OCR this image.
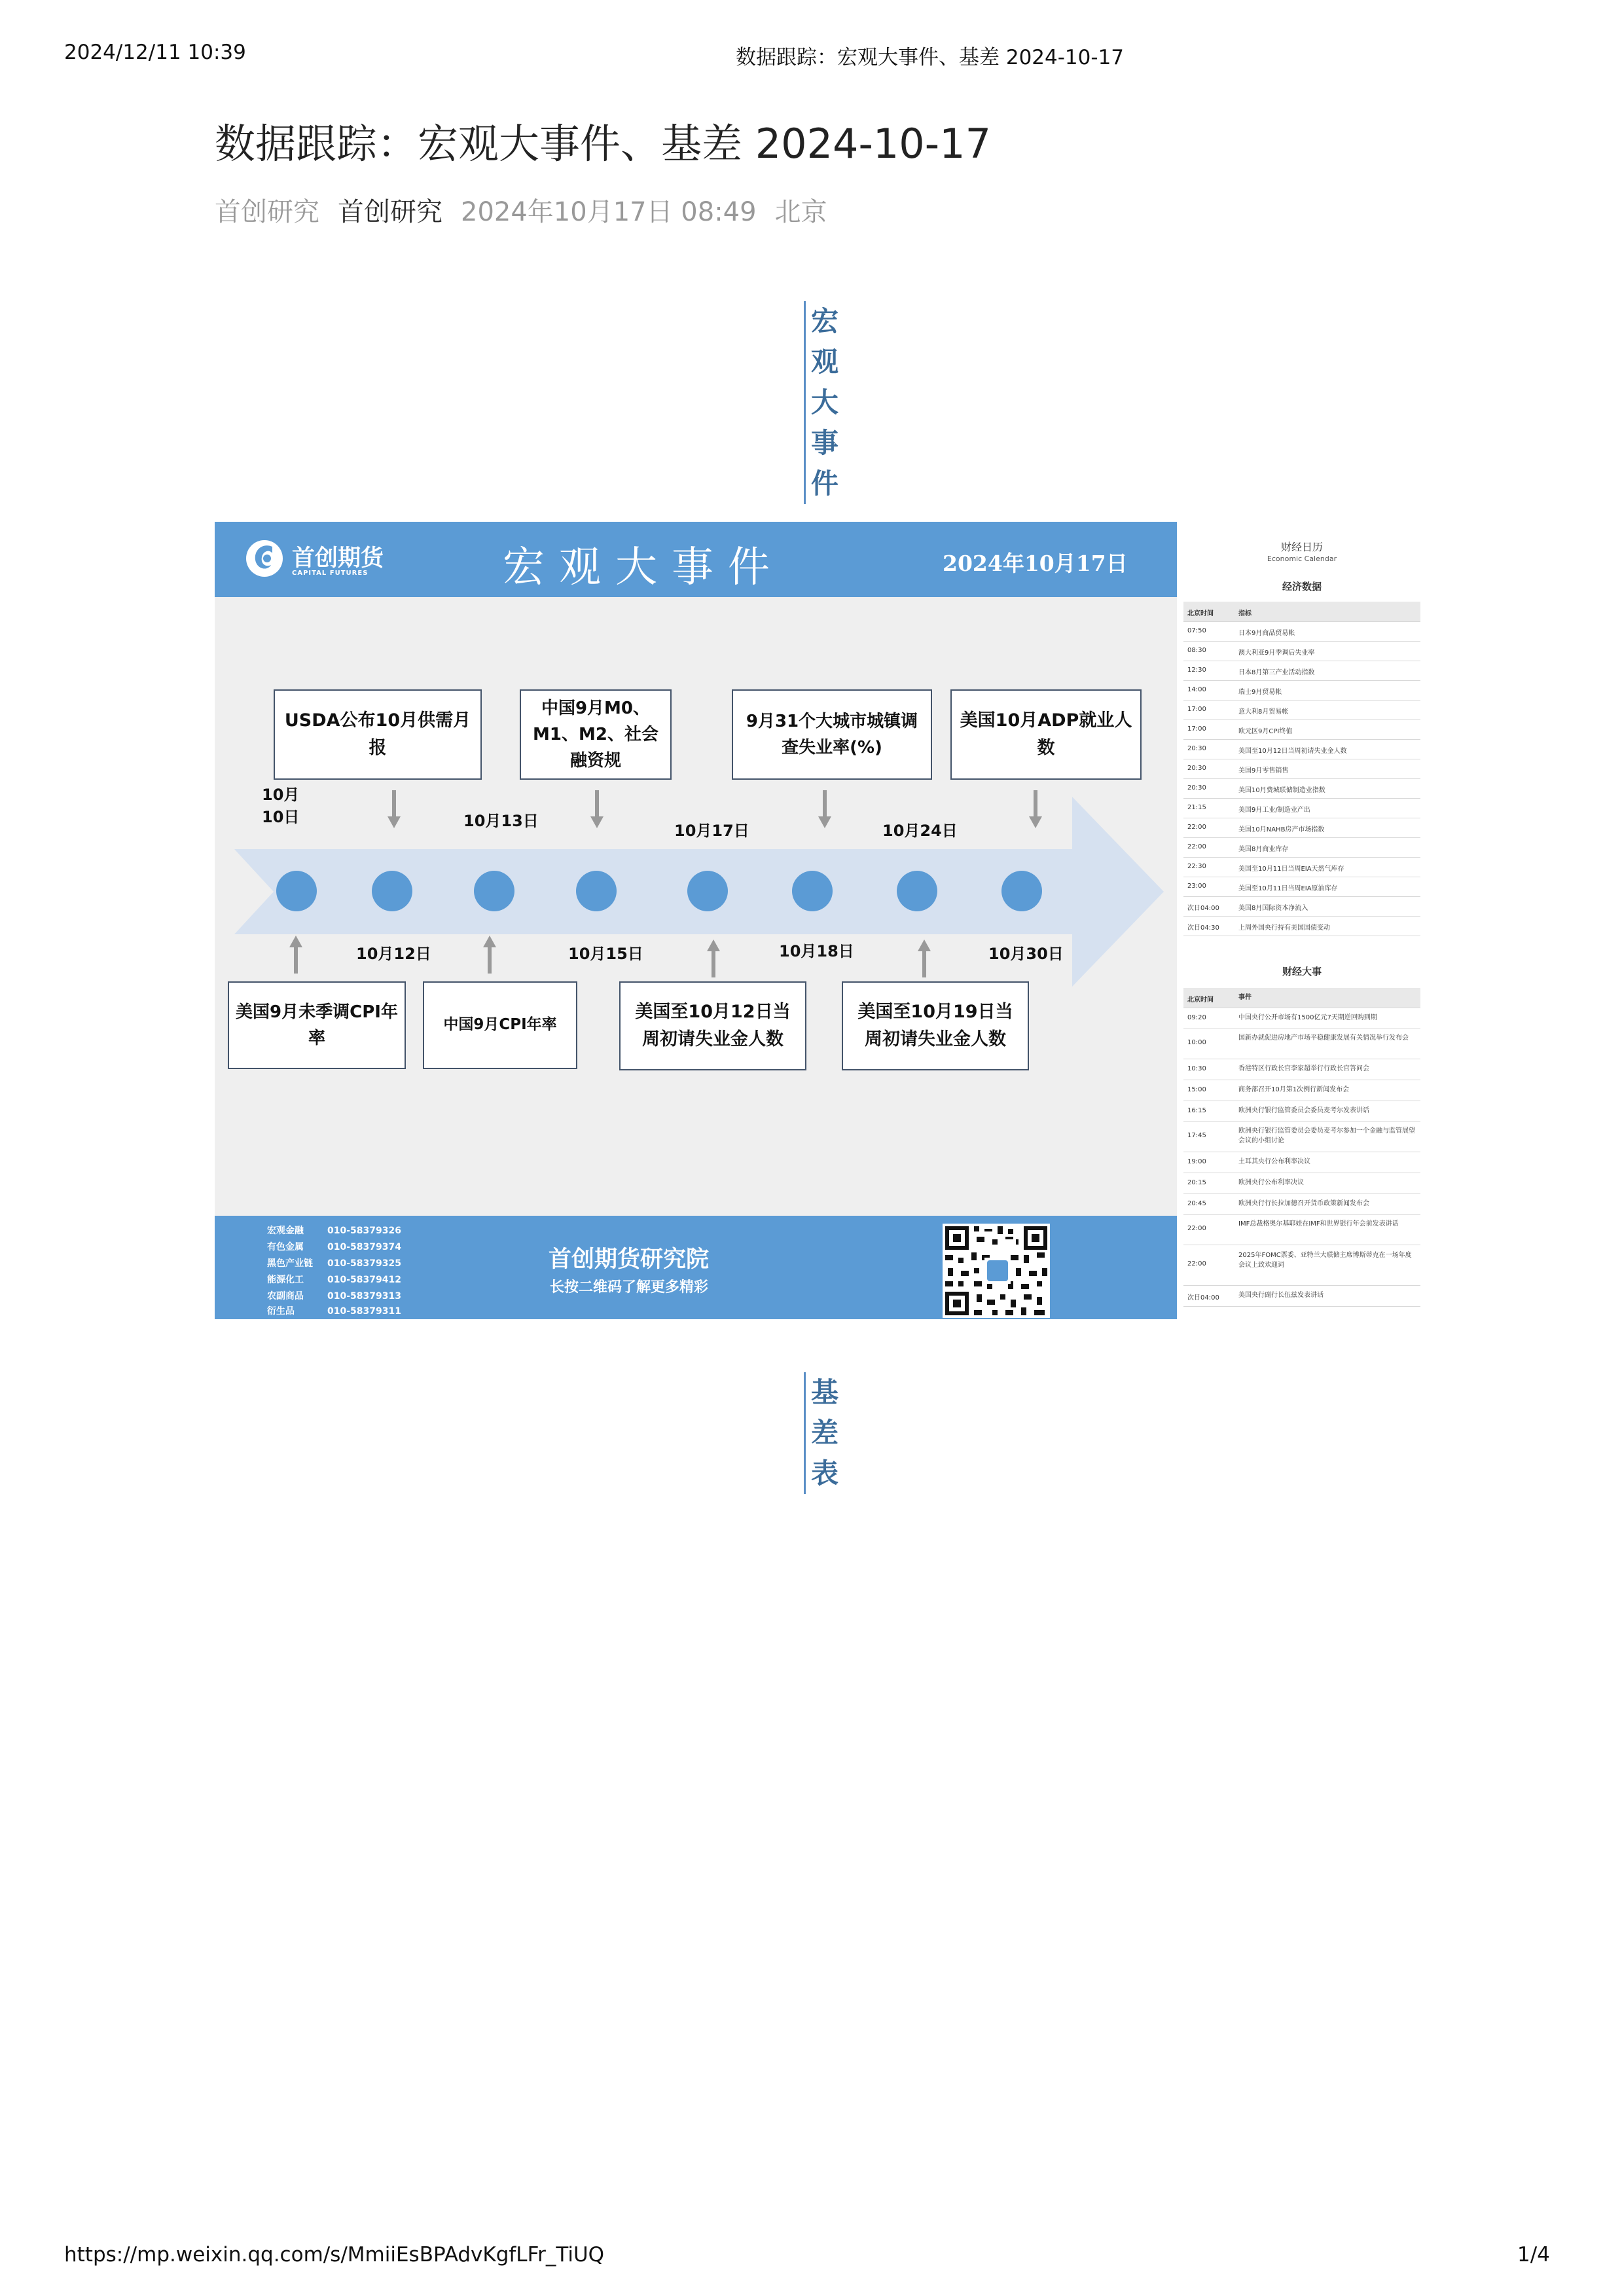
2024/12/11 10:39	数据跟踪：宏观大事件、基差 2024-10-17
https://mp.weixin.qq.com/s/MmiiEsBPAdvKgfLFr_TiUQ	1/4
数据跟踪：宏观大事件、基差 2024-10-17
首创研究 首创研究 2024年10月17日 08:49 北京
宏
观
大
事
件
首创期货
CAPITAL FUTURES	宏观大事件	2024年10月17日
USDA公布10月供需月报
中国9月M0、M1、M2、社会融资规
9月31个大城市城镇调查失业率(%)
美国10月ADP就业人数
10月10日	10月13日
10月17日	10月24日
10月12日	10月15日	10月18日	10月30日
美国9月未季调CPI年率
中国9月CPI年率
美国至10月12日当周初请失业金人数
美国至10月19日当周初请失业金人数
宏观金融	010-58379326
有色金属	010-58379374
黑色产业链 010-58379325
能源化工	010-58379412
农副商品	010-58379313
衍生品	010-58379311
首创期货研究院
长按二维码了解更多精彩
财经日历
Economic Calendar
经济数据
北京时间	指标
07:50	日本9月商品贸易帐
08:30	澳大利亚9月季调后失业率
12:30	日本8月第三产业活动指数
14:00	瑞士9月贸易帐
17:00	意大利8月贸易帐
17:00	欧元区9月CPI终值
20:30	美国至10月12日当周初请失业金人数
20:30	美国9月零售销售
20:30	美国10月费城联储制造业指数
21:15	美国9月工业/制造业产出
22:00	美国10月NAHB房产市场指数
22:00	美国8月商业库存
22:30	美国至10月11日当周EIA天然气库存
23:00	美国至10月11日当周EIA原油库存
次日04:00	美国8月国际资本净流入
次日04:30	上周外国央行持有美国国债变动
财经大事
北京时间	事件
09:20	中国央行公开市场有1500亿元7天期逆回购到期
10:00
国新办就促进房地产市场平稳健康发展有关情况举行发布会
10:30	香港特区行政长官李家超举行行政长官答问会
15:00	商务部召开10月第1次例行新闻发布会
16:15	欧洲央行银行监管委员会委员麦考尔发表讲话
17:45
欧洲央行银行监管委员会委员麦考尔参加一个金融与监管展望会议的小组讨论
19:00	土耳其央行公布利率决议
20:15	欧洲央行公布利率决议
20:45	欧洲央行行长拉加德召开货币政策新闻发布会
22:00
IMF总裁格奥尔基耶娃在IMF和世界银行年会前发表讲话
22:00
2025年FOMC票委、亚特兰大联储主席博斯蒂克在一场年度会议上致欢迎词
次日04:00	美国央行副行长伍兹发表讲话
基
差
表
